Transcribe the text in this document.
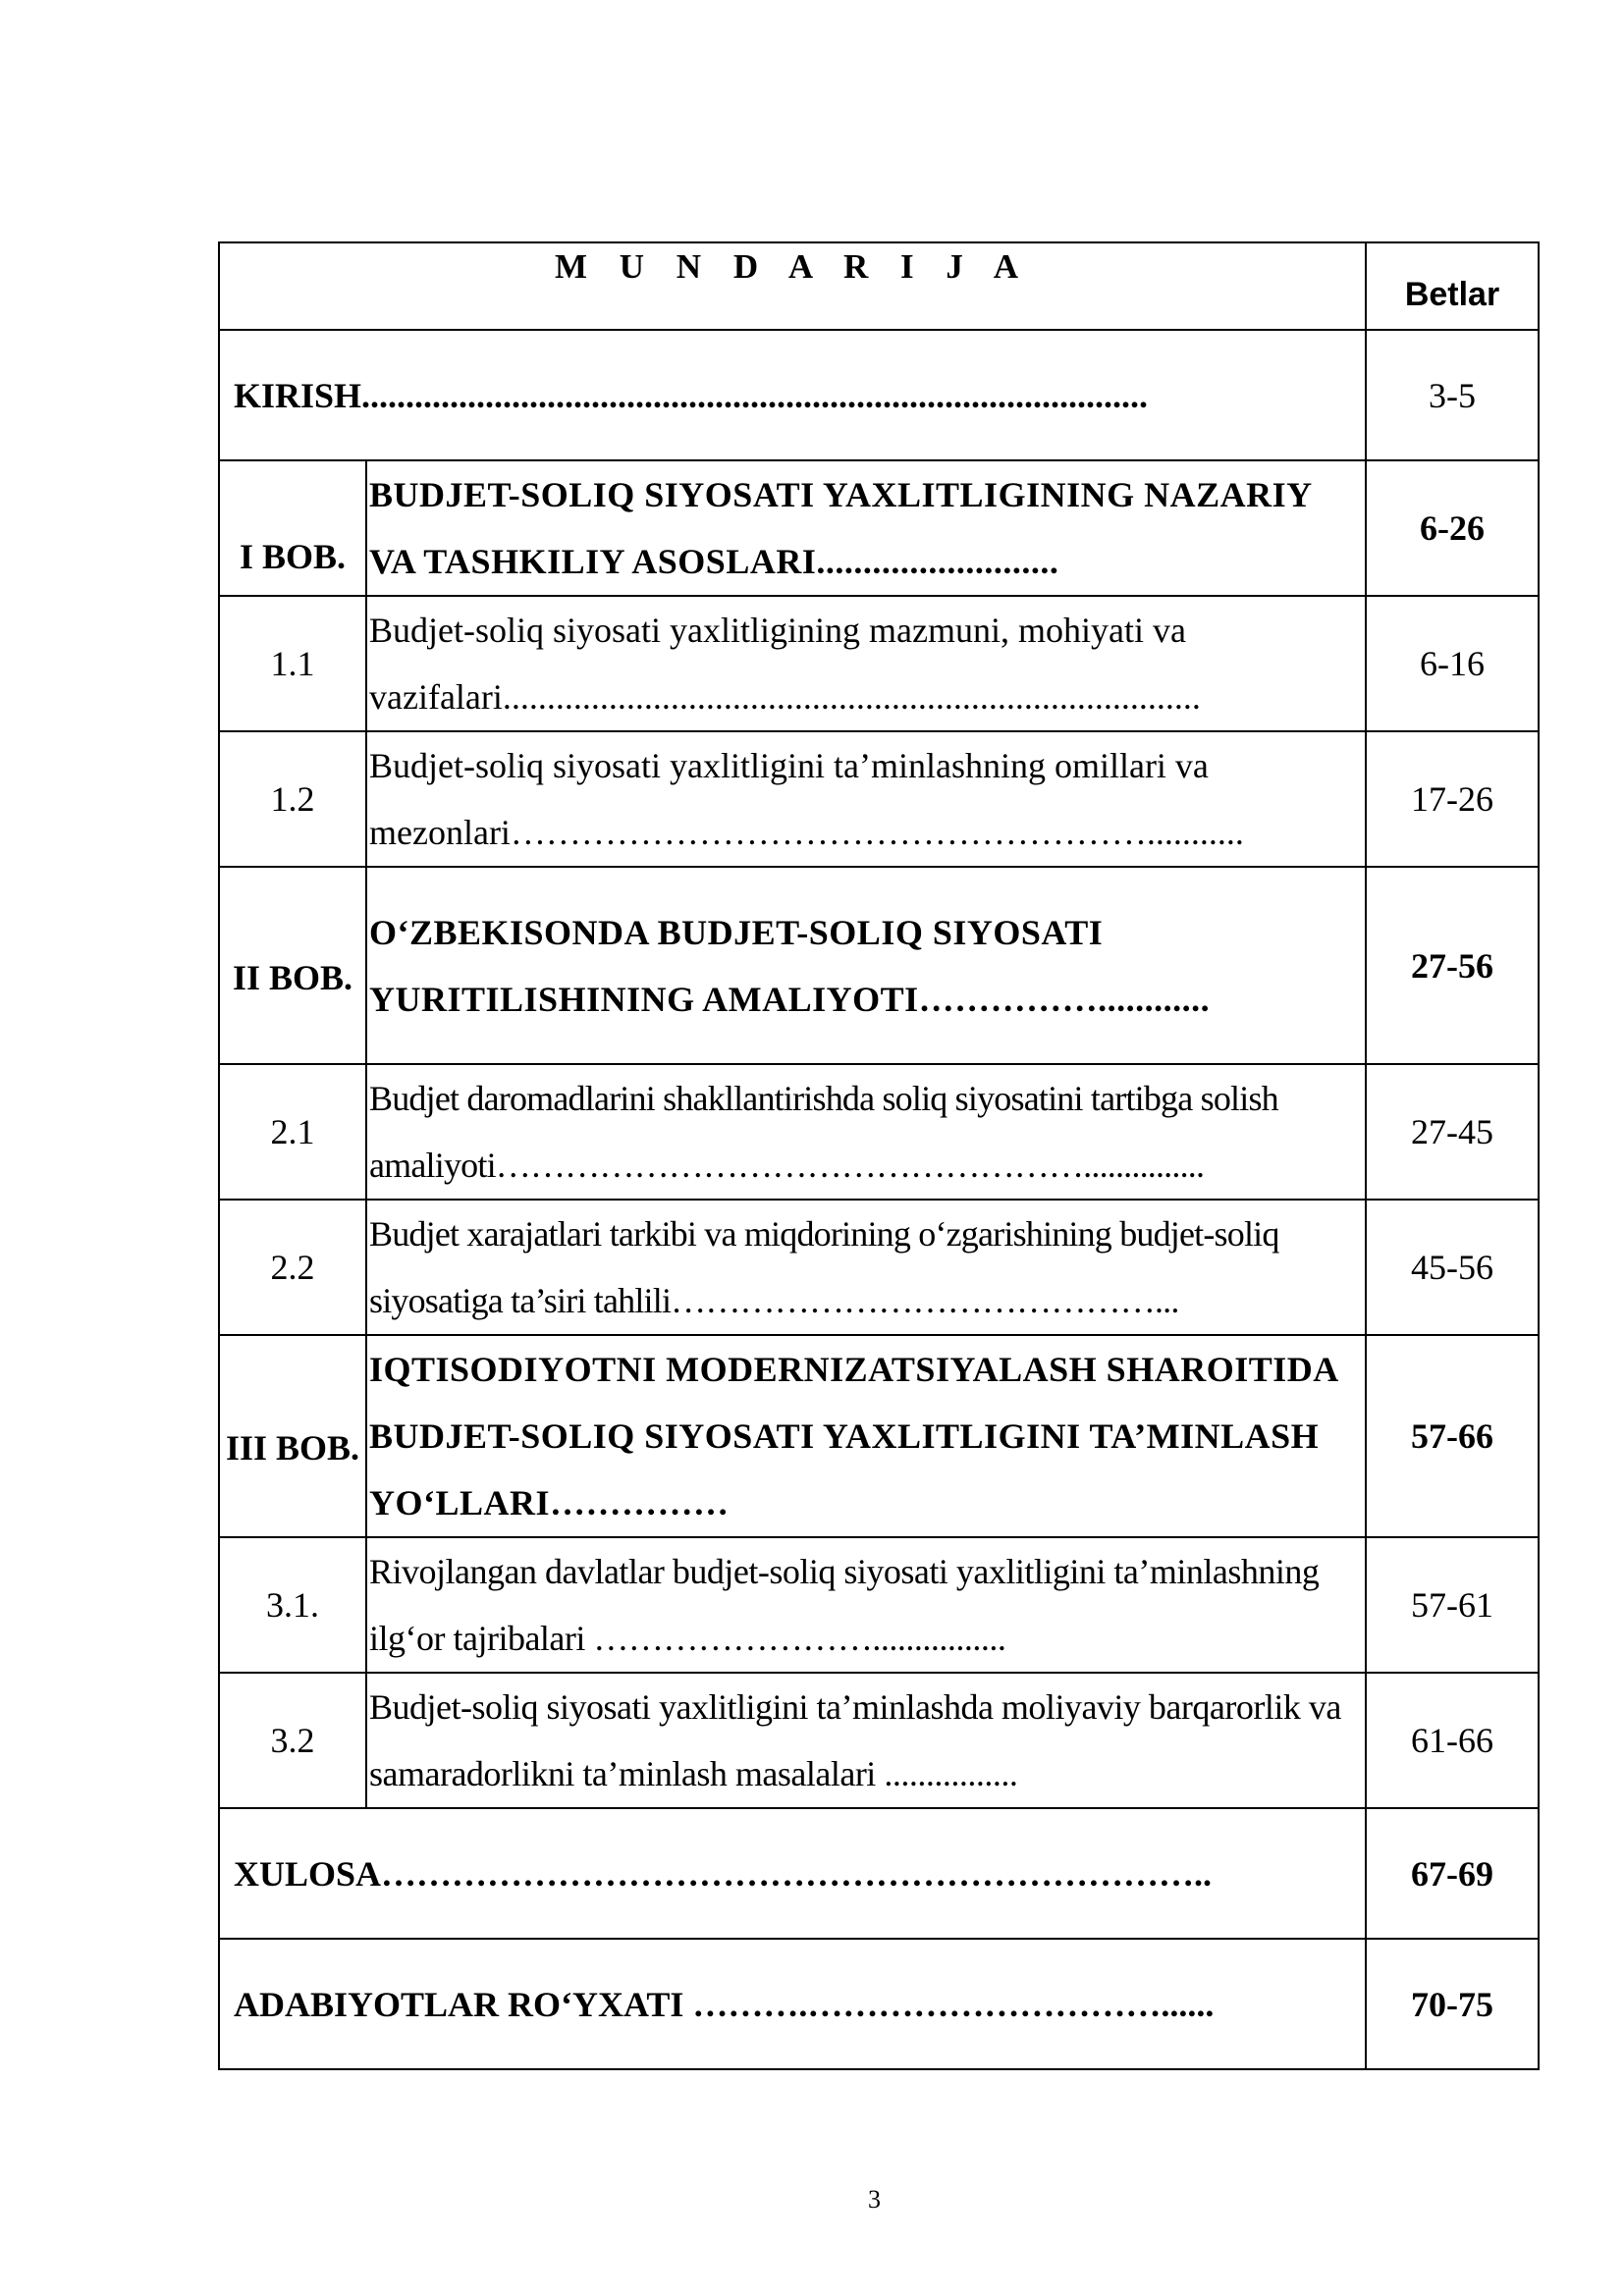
M U N D A R I J A		Betlar
KIRISH.........................................................................................		3-5
I BOB.	BUDJET-SOLIQ SIYOSATI YAXLITLIGINING NAZARIY VA TASHKILIY ASOSLARI..........................	6-26
1.1	Budjet-soliq siyosati yaxlitligining mazmuni, mohiyati va vazifalari...............................................................................	6-16
1.2	Budjet-soliq siyosati yaxlitligini ta’minlashning omillari va mezonlari………………………………………………...........	17-26
II BOB.	O‘ZBEKISONDA BUDJET-SOLIQ SIYOSATI YURITILISHINING AMALIYOTI……………............	27-56
2.1	Budjet daromadlarini shakllantirishda soliq siyosatini tartibga solish amaliyoti……………………………………………...............	27-45
2.2	Budjet xarajatlari tarkibi va miqdorining o‘zgarishining budjet-soliq siyosatiga ta’siri tahlili……………………………………...	45-56
III BOB.	IQTISODIYOTNI MODERNIZATSIYALASH SHAROITIDA BUDJET-SOLIQ SIYOSATI YAXLITLIGINI TA’MINLASH YO‘LLARI……………	57-66
3.1.	Rivojlangan davlatlar budjet-soliq siyosati yaxlitligini ta’minlashning ilg‘or tajribalari ……………………................	57-61
3.2	Budjet-soliq siyosati yaxlitligini ta’minlashda moliyaviy barqarorlik va samaradorlikni ta’minlash masalalari ................	61-66
XULOSA……………………………………………………………..		67-69
ADABIYOTLAR RO‘YXATI ……….…………………………......		70-75
3
